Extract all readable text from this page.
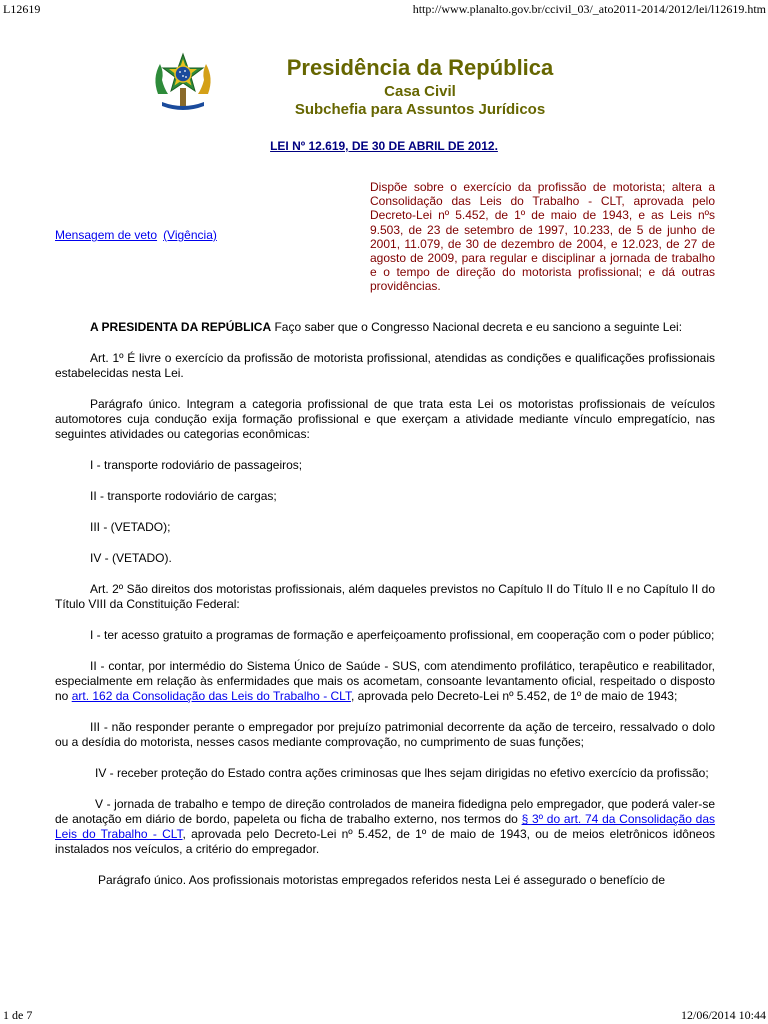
L12619	http://www.planalto.gov.br/ccivil_03/_ato2011-2014/2012/lei/l12619.htm
Presidência da República
Casa Civil
Subchefia para Assuntos Jurídicos
LEI Nº 12.619, DE 30 DE ABRIL DE 2012.
Mensagem de veto (Vigência)
Dispõe sobre o exercício da profissão de motorista; altera a Consolidação das Leis do Trabalho - CLT, aprovada pelo Decreto-Lei nº 5.452, de 1º de maio de 1943, e as Leis nºs 9.503, de 23 de setembro de 1997, 10.233, de 5 de junho de 2001, 11.079, de 30 de dezembro de 2004, e 12.023, de 27 de agosto de 2009, para regular e disciplinar a jornada de trabalho e o tempo de direção do motorista profissional; e dá outras providências.

A PRESIDENTA DA REPÚBLICA Faço saber que o Congresso Nacional decreta e eu sanciono a seguinte Lei:

Art. 1º É livre o exercício da profissão de motorista profissional, atendidas as condições e qualificações profissionais estabelecidas nesta Lei.

Parágrafo único. Integram a categoria profissional de que trata esta Lei os motoristas profissionais de veículos automotores cuja condução exija formação profissional e que exerçam a atividade mediante vínculo empregatício, nas seguintes atividades ou categorias econômicas:

I - transporte rodoviário de passageiros;

II - transporte rodoviário de cargas;

III - (VETADO);

IV - (VETADO).

Art. 2º São direitos dos motoristas profissionais, além daqueles previstos no Capítulo II do Título II e no Capítulo II do Título VIII da Constituição Federal:

I - ter acesso gratuito a programas de formação e aperfeiçoamento profissional, em cooperação com o poder público;

II - contar, por intermédio do Sistema Único de Saúde - SUS, com atendimento profilático, terapêutico e reabilitador, especialmente em relação às enfermidades que mais os acometam, consoante levantamento oficial, respeitado o disposto no art. 162 da Consolidação das Leis do Trabalho - CLT, aprovada pelo Decreto-Lei nº 5.452, de 1º de maio de 1943;

III - não responder perante o empregador por prejuízo patrimonial decorrente da ação de terceiro, ressalvado o dolo ou a desídia do motorista, nesses casos mediante comprovação, no cumprimento de suas funções;

IV - receber proteção do Estado contra ações criminosas que lhes sejam dirigidas no efetivo exercício da profissão;

V - jornada de trabalho e tempo de direção controlados de maneira fidedigna pelo empregador, que poderá valer-se de anotação em diário de bordo, papeleta ou ficha de trabalho externo, nos termos do § 3º do art. 74 da Consolidação das Leis do Trabalho - CLT, aprovada pelo Decreto-Lei nº 5.452, de 1º de maio de 1943, ou de meios eletrônicos idôneos instalados nos veículos, a critério do empregador.

Parágrafo único. Aos profissionais motoristas empregados referidos nesta Lei é assegurado o benefício de

1 de 7	12/06/2014 10:44
